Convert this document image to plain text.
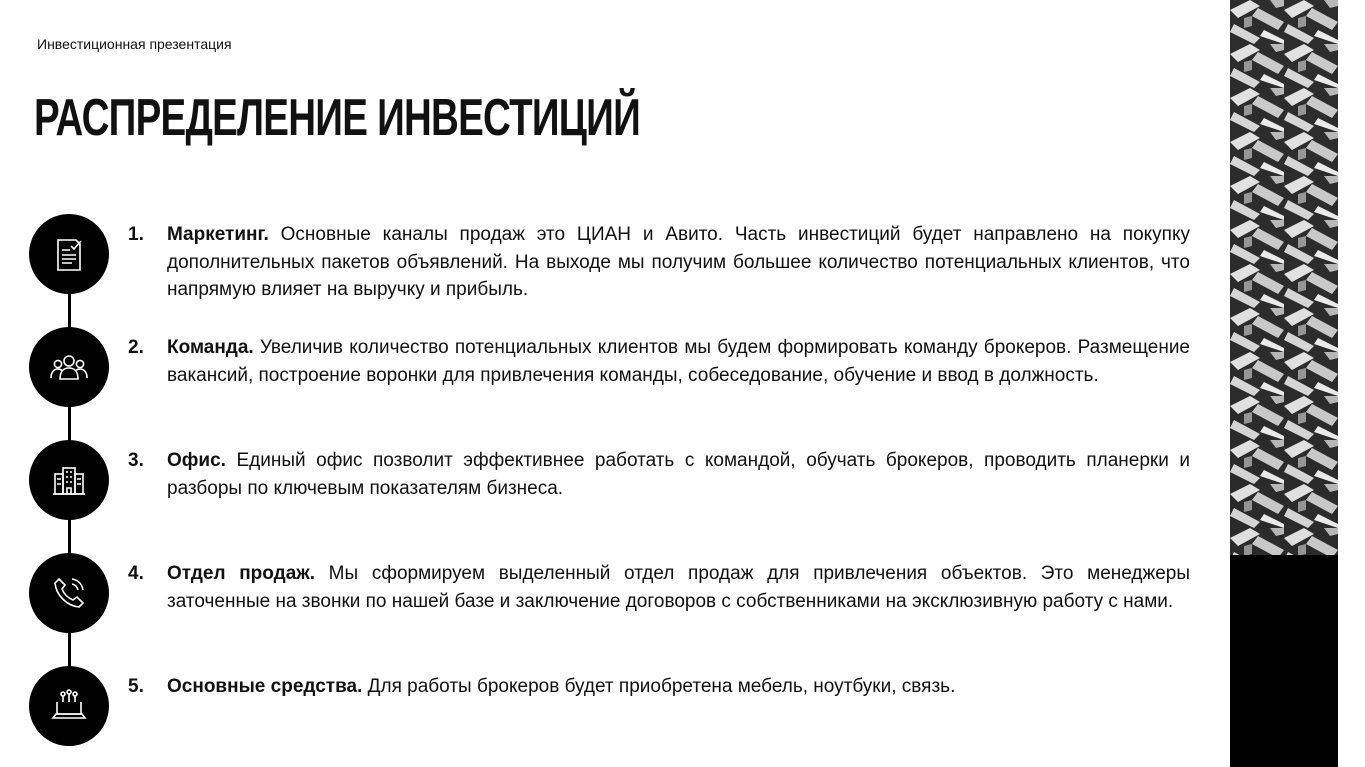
Инвестиционная презентация
РАСПРЕДЕЛЕНИЕ ИНВЕСТИЦИЙ
1. Маркетинг. Основные каналы продаж это ЦИАН и Авито. Часть инвестиций будет направлено на покупку дополнительных пакетов объявлений. На выходе мы получим большее количество потенциальных клиентов, что напрямую влияет на выручку и прибыль.
2. Команда. Увеличив количество потенциальных клиентов мы будем формировать команду брокеров. Размещение вакансий, построение воронки для привлечения команды, собеседование, обучение и ввод в должность.
3. Офис. Единый офис позволит эффективнее работать с командой, обучать брокеров, проводить планерки и разборы по ключевым показателям бизнеса.
4. Отдел продаж. Мы сформируем выделенный отдел продаж для привлечения объектов. Это менеджеры заточенные на звонки по нашей базе и заключение договоров с собственниками на эксклюзивную работу с нами.
5. Основные средства. Для работы брокеров будет приобретена мебель, ноутбуки, связь.
